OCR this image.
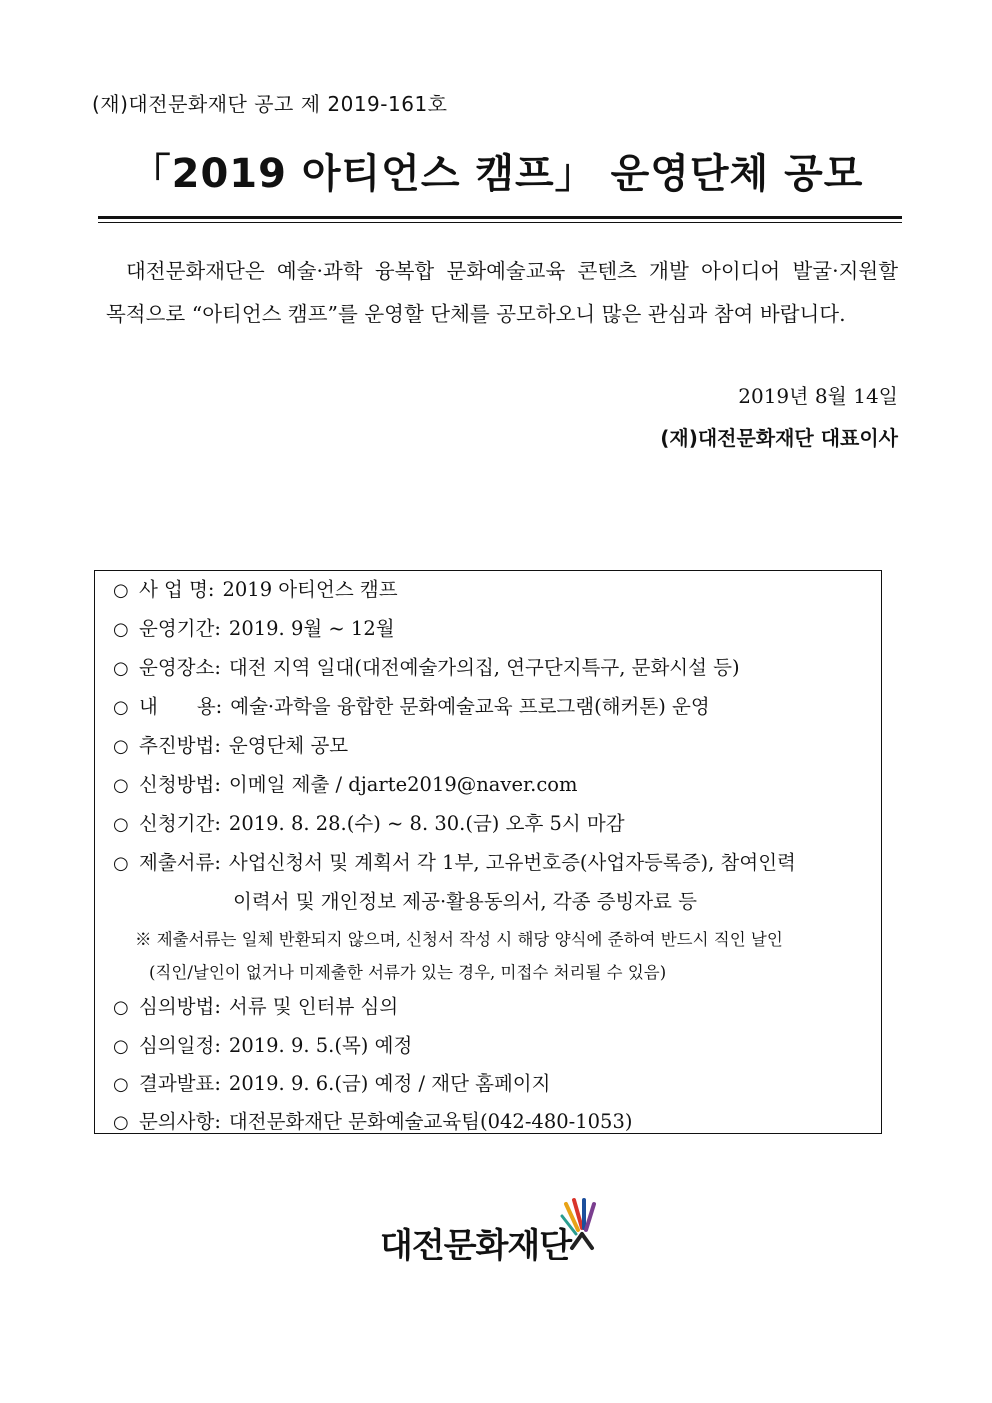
(재)대전문화재단 공고 제 2019-161호
「2019 아티언스 캠프」 운영단체 공모
대전문화재단은 예술·과학 융복합 문화예술교육 콘텐츠 개발 아이디어 발굴·지원할 목적으로 “아티언스 캠프”를 운영할 단체를 공모하오니 많은 관심과 참여 바랍니다.
2019년 8월 14일
(재)대전문화재단 대표이사
○ 사 업 명: 2019 아티언스 캠프
○ 운영기간: 2019. 9월 ~ 12월
○ 운영장소: 대전 지역 일대(대전예술가의집, 연구단지특구, 문화시설 등)
○ 내　　용: 예술·과학을 융합한 문화예술교육 프로그램(해커톤) 운영
○ 추진방법: 운영단체 공모
○ 신청방법: 이메일 제출 / djarte2019@naver.com
○ 신청기간: 2019. 8. 28.(수) ~ 8. 30.(금) 오후 5시 마감
○ 제출서류: 사업신청서 및 계획서 각 1부, 고유번호증(사업자등록증), 참여인력
이력서 및 개인정보 제공·활용동의서, 각종 증빙자료 등
※ 제출서류는 일체 반환되지 않으며, 신청서 작성 시 해당 양식에 준하여 반드시 직인 날인
(직인/날인이 없거나 미제출한 서류가 있는 경우, 미접수 처리될 수 있음)
○ 심의방법: 서류 및 인터뷰 심의
○ 심의일정: 2019. 9. 5.(목) 예정
○ 결과발표: 2019. 9. 6.(금) 예정 / 재단 홈페이지
○ 문의사항: 대전문화재단 문화예술교육팀(042-480-1053)
대전문화재단
